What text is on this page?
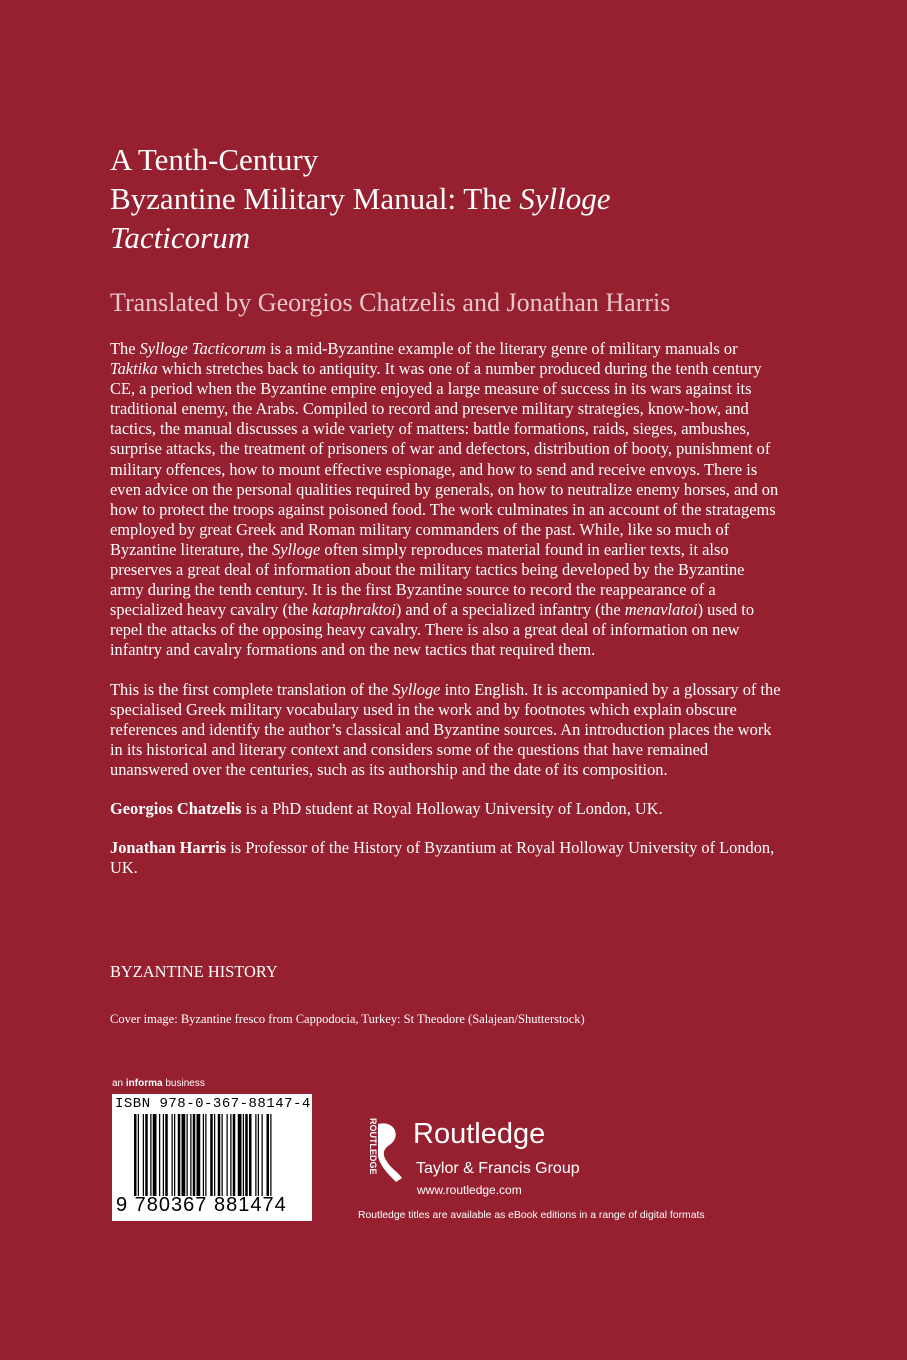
A Tenth-Century
Byzantine Military Manual: The Sylloge
Tacticorum
Translated by Georgios Chatzelis and Jonathan Harris

The Sylloge Tacticorum is a mid-Byzantine example of the literary genre of military manuals or Taktika which stretches back to antiquity. It was one of a number produced during the tenth century CE, a period when the Byzantine empire enjoyed a large measure of success in its wars against its traditional enemy, the Arabs. Compiled to record and preserve military strategies, know-how, and tactics, the manual discusses a wide variety of matters: battle formations, raids, sieges, ambushes, surprise attacks, the treatment of prisoners of war and defectors, distribution of booty, punishment of military offences, how to mount effective espionage, and how to send and receive envoys. There is even advice on the personal qualities required by generals, on how to neutralize enemy horses, and on how to protect the troops against poisoned food. The work culminates in an account of the stratagems employed by great Greek and Roman military commanders of the past. While, like so much of Byzantine literature, the Sylloge often simply reproduces material found in earlier texts, it also preserves a great deal of information about the military tactics being developed by the Byzantine army during the tenth century. It is the first Byzantine source to record the reappearance of a specialized heavy cavalry (the kataphraktoi) and of a specialized infantry (the menavlatoi) used to repel the attacks of the opposing heavy cavalry. There is also a great deal of information on new infantry and cavalry formations and on the new tactics that required them.

This is the first complete translation of the Sylloge into English. It is accompanied by a glossary of the specialised Greek military vocabulary used in the work and by footnotes which explain obscure references and identify the author’s classical and Byzantine sources. An introduction places the work in its historical and literary context and considers some of the questions that have remained unanswered over the centuries, such as its authorship and the date of its composition.

Georgios Chatzelis is a PhD student at Royal Holloway University of London, UK.

Jonathan Harris is Professor of the History of Byzantium at Royal Holloway University of London, UK.

BYZANTINE HISTORY
Cover image: Byzantine fresco from Cappodocia, Turkey: St Theodore (Salajean/Shutterstock)
an informa business
ISBN 978-0-367-88147-4
9 780367 881474
ROUTLEDGE Routledge
Taylor & Francis Group
www.routledge.com
Routledge titles are available as eBook editions in a range of digital formats
